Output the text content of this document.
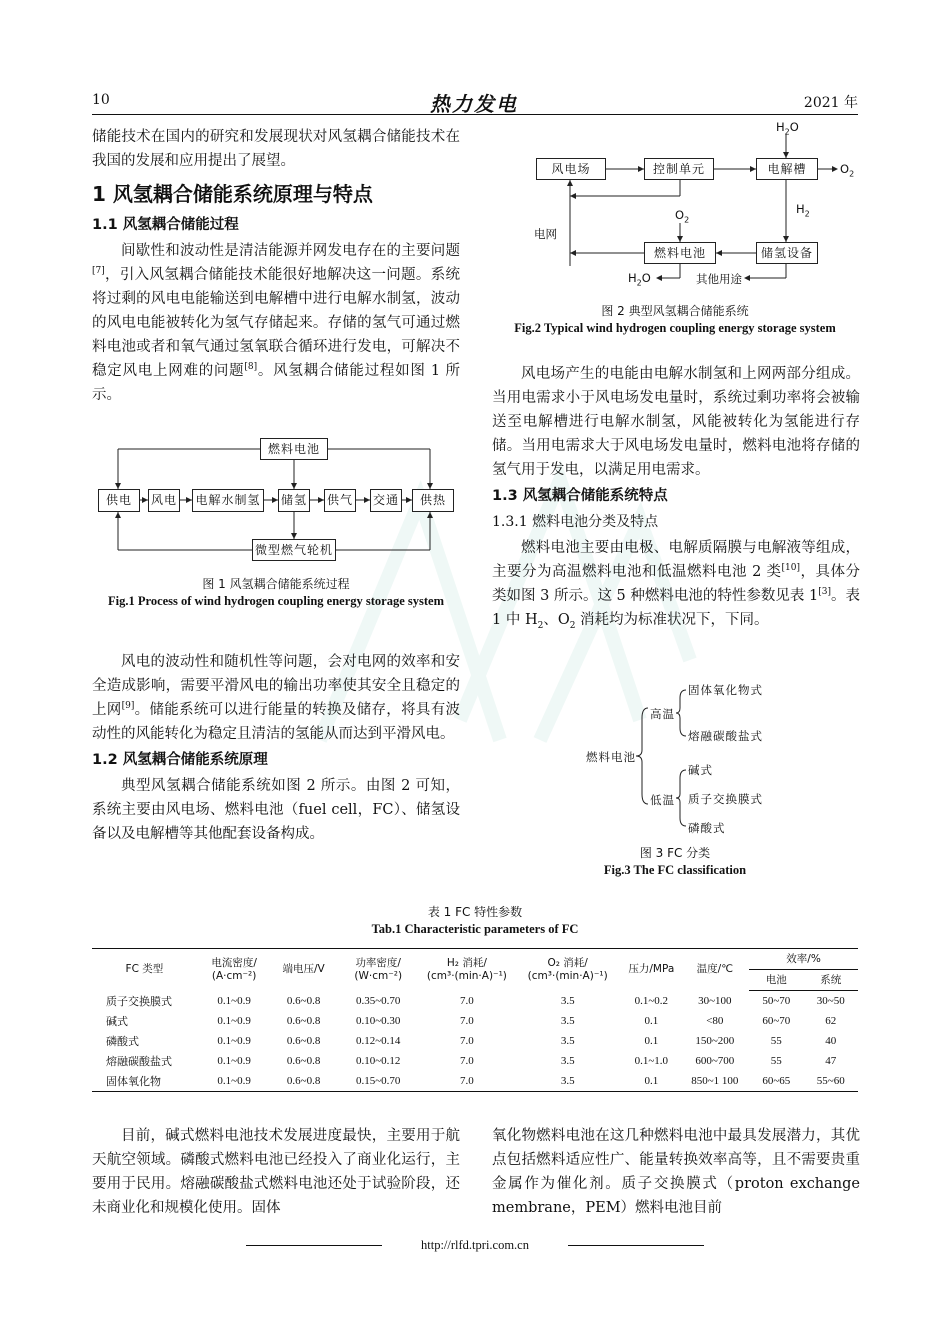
10	热力发电	2021 年

储能技术在国内的研究和发展现状对风氢耦合储能技术在我国的发展和应用提出了展望。

1 风氢耦合储能系统原理与特点
1.1 风氢耦合储能过程

间歇性和波动性是清洁能源并网发电存在的主要问题[7]，引入风氢耦合储能技术能很好地解决这一问题。系统将过剩的风电电能输送到电解槽中进行电解水制氢，波动的风电电能被转化为氢气存储起来。存储的氢气可通过燃料电池或者和氧气通过氢氧联合循环进行发电，可解决不稳定风电上网难的问题[8]。风氢耦合储能过程如图 1 所示。

燃料电池
供电	风电 电解水制氢 储氢 供气 交通	供热
微型燃气轮机
图 1 风氢耦合储能系统过程
Fig.1 Process of wind hydrogen coupling energy storage system

风电的波动性和随机性等问题，会对电网的效率和安全造成影响，需要平滑风电的输出功率使其安全且稳定的上网[9]。储能系统可以进行能量的转换及储存，将具有波动性的风能转化为稳定且清洁的氢能从而达到平滑风电。

1.2 风氢耦合储能系统原理

典型风氢耦合储能系统如图 2 所示。由图 2 可知，系统主要由风电场、燃料电池（fuel cell，FC）、储氢设备以及电解槽等其他配套设备构成。

风电场	控制单元	电解槽
燃料电池	储氢设备
$H_2O$
$O_2$
$H_2$
$O_2$
电网
$H_2O$	其他用途
图 2 典型风氢耦合储能系统
Fig.2 Typical wind hydrogen coupling energy storage system

风电场产生的电能由电解水制氢和上网两部分组成。当用电需求小于风电场发电量时，系统过剩功率将会被输送至电解槽进行电解水制氢，风能被转化为氢能进行存储。当用电需求大于风电场发电量时，燃料电池将存储的氢气用于发电，以满足用电需求。

1.3 风氢耦合储能系统特点
1.3.1 燃料电池分类及特点

燃料电池主要由电极、电解质隔膜与电解液等组成，主要分为高温燃料电池和低温燃料电池 2 类[10]，具体分类如图 3 所示。这 5 种燃料电池的特性参数见表 1[3]。表 1 中 $H_2$、$O_2$ 消耗均为标准状况下，下同。

燃料电池
高温
低温
固体氧化物式
熔融碳酸盐式
碱式
质子交换膜式
磷酸式
图 3 FC 分类
Fig.3 The FC classification
表 1 FC 特性参数
Tab.1 Characteristic parameters of FC
FC 类型	电流密度/
(A·cm⁻²)	端电压/V	功率密度/
(W·cm⁻²)	H₂ 消耗/
(cm³·(min·A)⁻¹)	O₂ 消耗/
(cm³·(min·A)⁻¹)	压力/MPa	温度/℃	效率/%	
								电池	系统
质子交换膜式	0.1~0.9	0.6~0.8	0.35~0.70	7.0	3.5	0.1~0.2	30~100	50~70	30~50
碱式	0.1~0.9	0.6~0.8	0.10~0.30	7.0	3.5	0.1	<80	60~70	62
磷酸式	0.1~0.9	0.6~0.8	0.12~0.14	7.0	3.5	0.1	150~200	55	40
熔融碳酸盐式	0.1~0.9	0.6~0.8	0.10~0.12	7.0	3.5	0.1~1.0	600~700	55	47
固体氧化物	0.1~0.9	0.6~0.8	0.15~0.70	7.0	3.5	0.1	850~1 100	60~65	55~60

目前，碱式燃料电池技术发展进度最快，主要用于航天航空领域。磷酸式燃料电池已经投入了商业化运行，主要用于民用。熔融碳酸盐式燃料电池还处于试验阶段，还未商业化和规模化使用。固体

氧化物燃料电池在这几种燃料电池中最具发展潜力，其优点包括燃料适应性广、能量转换效率高等，且不需要贵重金属作为催化剂。质子交换膜式（proton exchange membrane，PEM）燃料电池目前

http://rlfd.tpri.com.cn
